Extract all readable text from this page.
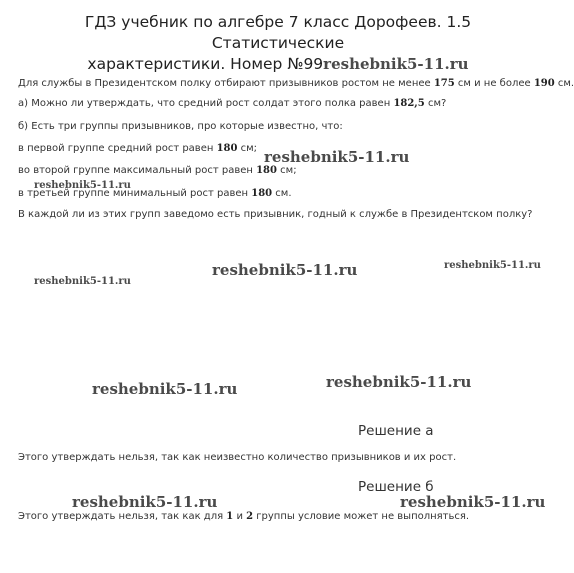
ГДЗ учебник по алгебре 7 класс Дорофеев. 1.5 Статистические
характеристики. Номер №99reshebnik5-11.ru
Для службы в Президентском полку отбирают призывников ростом не менее 175 см и не более 190 см.
а) Можно ли утверждать, что средний рост солдат этого полка равен 182,5 см?
б) Есть три группы призывников, про которые известно, что:
в первой группе средний рост равен 180 см;
во второй группе максимальный рост равен 180 см;
в третьей группе минимальный рост равен 180 см.
В каждой ли из этих групп заведомо есть призывник, годный к службе в Президентском полку?
Решение а
Этого утверждать нельзя, так как неизвестно количество призывников и их рост.
Решение б
Этого утверждать нельзя, так как для 1 и 2 группы условие может не выполняться.
reshebnik5-11.ru
reshebnik5-11.ru
reshebnik5-11.ru	reshebnik5-11.ru
reshebnik5-11.ru
reshebnik5-11.ru	reshebnik5-11.ru
reshebnik5-11.ru	reshebnik5-11.ru
